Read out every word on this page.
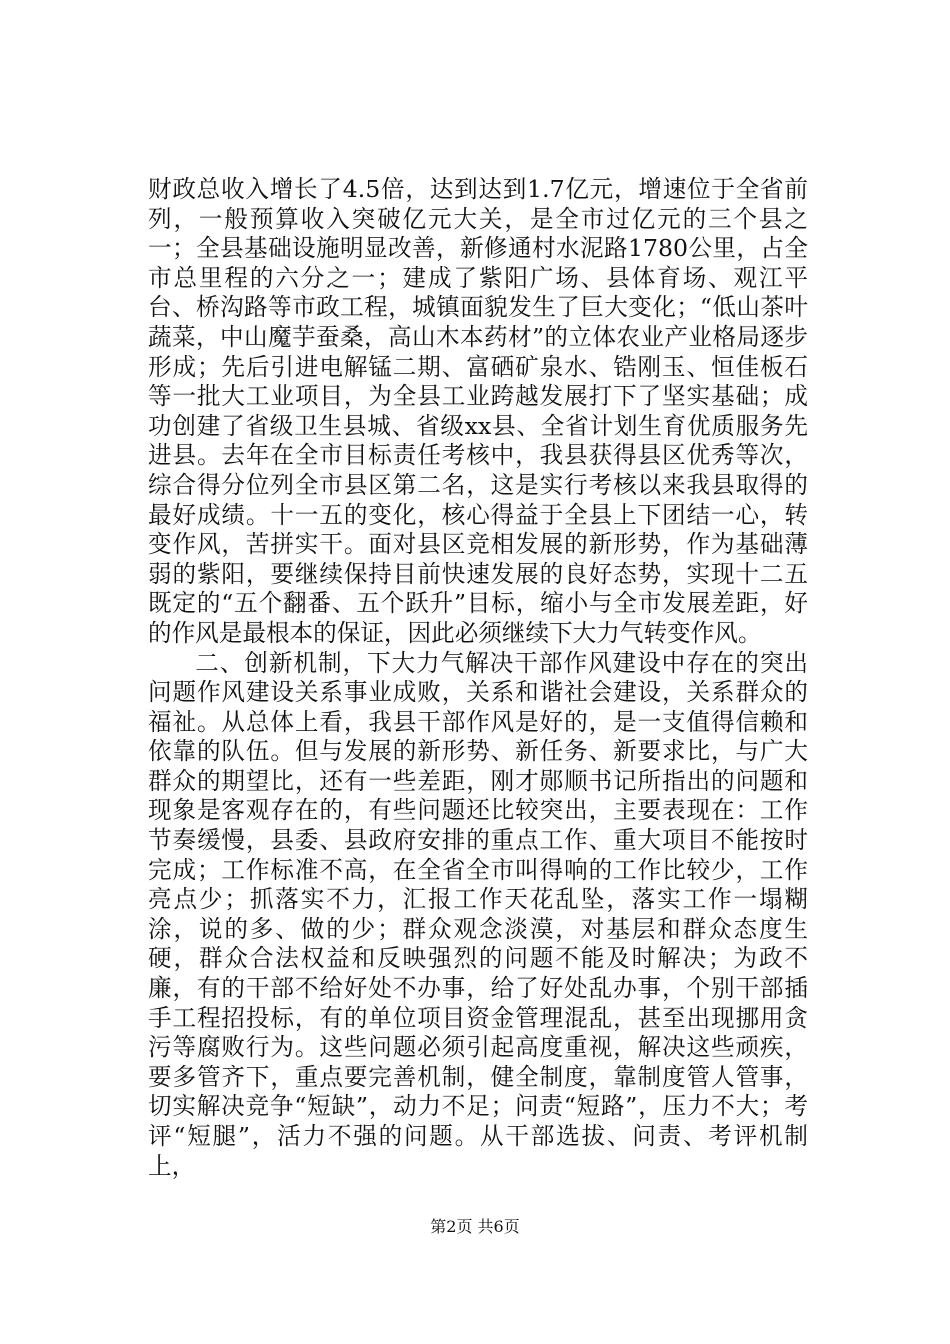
财政总收入增长了4.5倍，达到达到1.7亿元，增速位于全省前列，一般预算收入突破亿元大关，是全市过亿元的三个县之一；全县基础设施明显改善，新修通村水泥路1780公里，占全市总里程的六分之一；建成了紫阳广场、县体育场、观江平台、桥沟路等市政工程，城镇面貌发生了巨大变化；“低山茶叶蔬菜，中山魔芋蚕桑，高山木本药材”的立体农业产业格局逐步形成；先后引进电解锰二期、富硒矿泉水、锆刚玉、恒佳板石等一批大工业项目，为全县工业跨越发展打下了坚实基础；成功创建了省级卫生县城、省级xx县、全省计划生育优质服务先进县。去年在全市目标责任考核中，我县获得县区优秀等次，综合得分位列全市县区第二名，这是实行考核以来我县取得的最好成绩。十一五的变化，核心得益于全县上下团结一心，转变作风，苦拼实干。面对县区竞相发展的新形势，作为基础薄弱的紫阳，要继续保持目前快速发展的良好态势，实现十二五既定的“五个翻番、五个跃升”目标，缩小与全市发展差距，好的作风是最根本的保证，因此必须继续下大力气转变作风。

二、创新机制，下大力气解决干部作风建设中存在的突出问题作风建设关系事业成败，关系和谐社会建设，关系群众的福祉。从总体上看，我县干部作风是好的，是一支值得信赖和依靠的队伍。但与发展的新形势、新任务、新要求比，与广大群众的期望比，还有一些差距，刚才郧顺书记所指出的问题和现象是客观存在的，有些问题还比较突出，主要表现在：工作节奏缓慢，县委、县政府安排的重点工作、重大项目不能按时完成；工作标准不高，在全省全市叫得响的工作比较少，工作亮点少；抓落实不力，汇报工作天花乱坠，落实工作一塌糊涂，说的多、做的少；群众观念淡漠，对基层和群众态度生硬，群众合法权益和反映强烈的问题不能及时解决；为政不廉，有的干部不给好处不办事，给了好处乱办事，个别干部插手工程招投标，有的单位项目资金管理混乱，甚至出现挪用贪污等腐败行为。这些问题必须引起高度重视，解决这些顽疾，要多管齐下，重点要完善机制，健全制度，靠制度管人管事，切实解决竞争“短缺”，动力不足；问责“短路”，压力不大；考评“短腿”，活力不强的问题。从干部选拔、问责、考评机制上，

第2页 共6页
